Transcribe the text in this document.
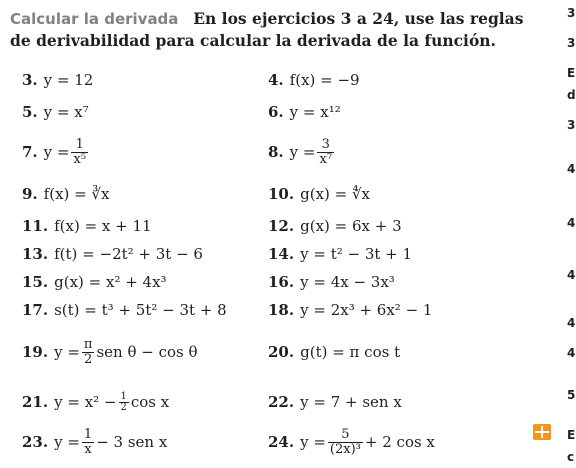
Calcular la derivada En los ejercicios 3 a 24, use las reglas de derivabilidad para calcular la derivada de la función.
3. y = 12
5. y = x⁷
7. $y = \frac{1}{\text{x⁵}}$
9. f(x) = ∛x
11. f(x) = x + 11
13. f(t) = −2t² + 3t − 6
15. g(x) = x² + 4x³
17. s(t) = t³ + 5t² − 3t + 8
19. $y = \frac{\pi}{2}$ sen θ − cos θ
21. $y = x^2 - \frac{1}{2}$ cos x
23. $y = \frac{1}{x} - 3$ sen x
4. f(x) = −9
6. y = x¹²
8. $y = \frac{3}{\text{x⁷}}$
10. g(x) = ∜x
12. g(x) = 6x + 3
14. y = t² − 3t + 1
16. y = 4x − 3x³
18. y = 2x³ + 6x² − 1
20. g(t) = π cos t
22. y = 7 + sen x
24. $y = \frac{5}{\text{(2x)³}} + 2$ cos x
3
3
E
d
3
4
4
4
4
4
5
E
c
